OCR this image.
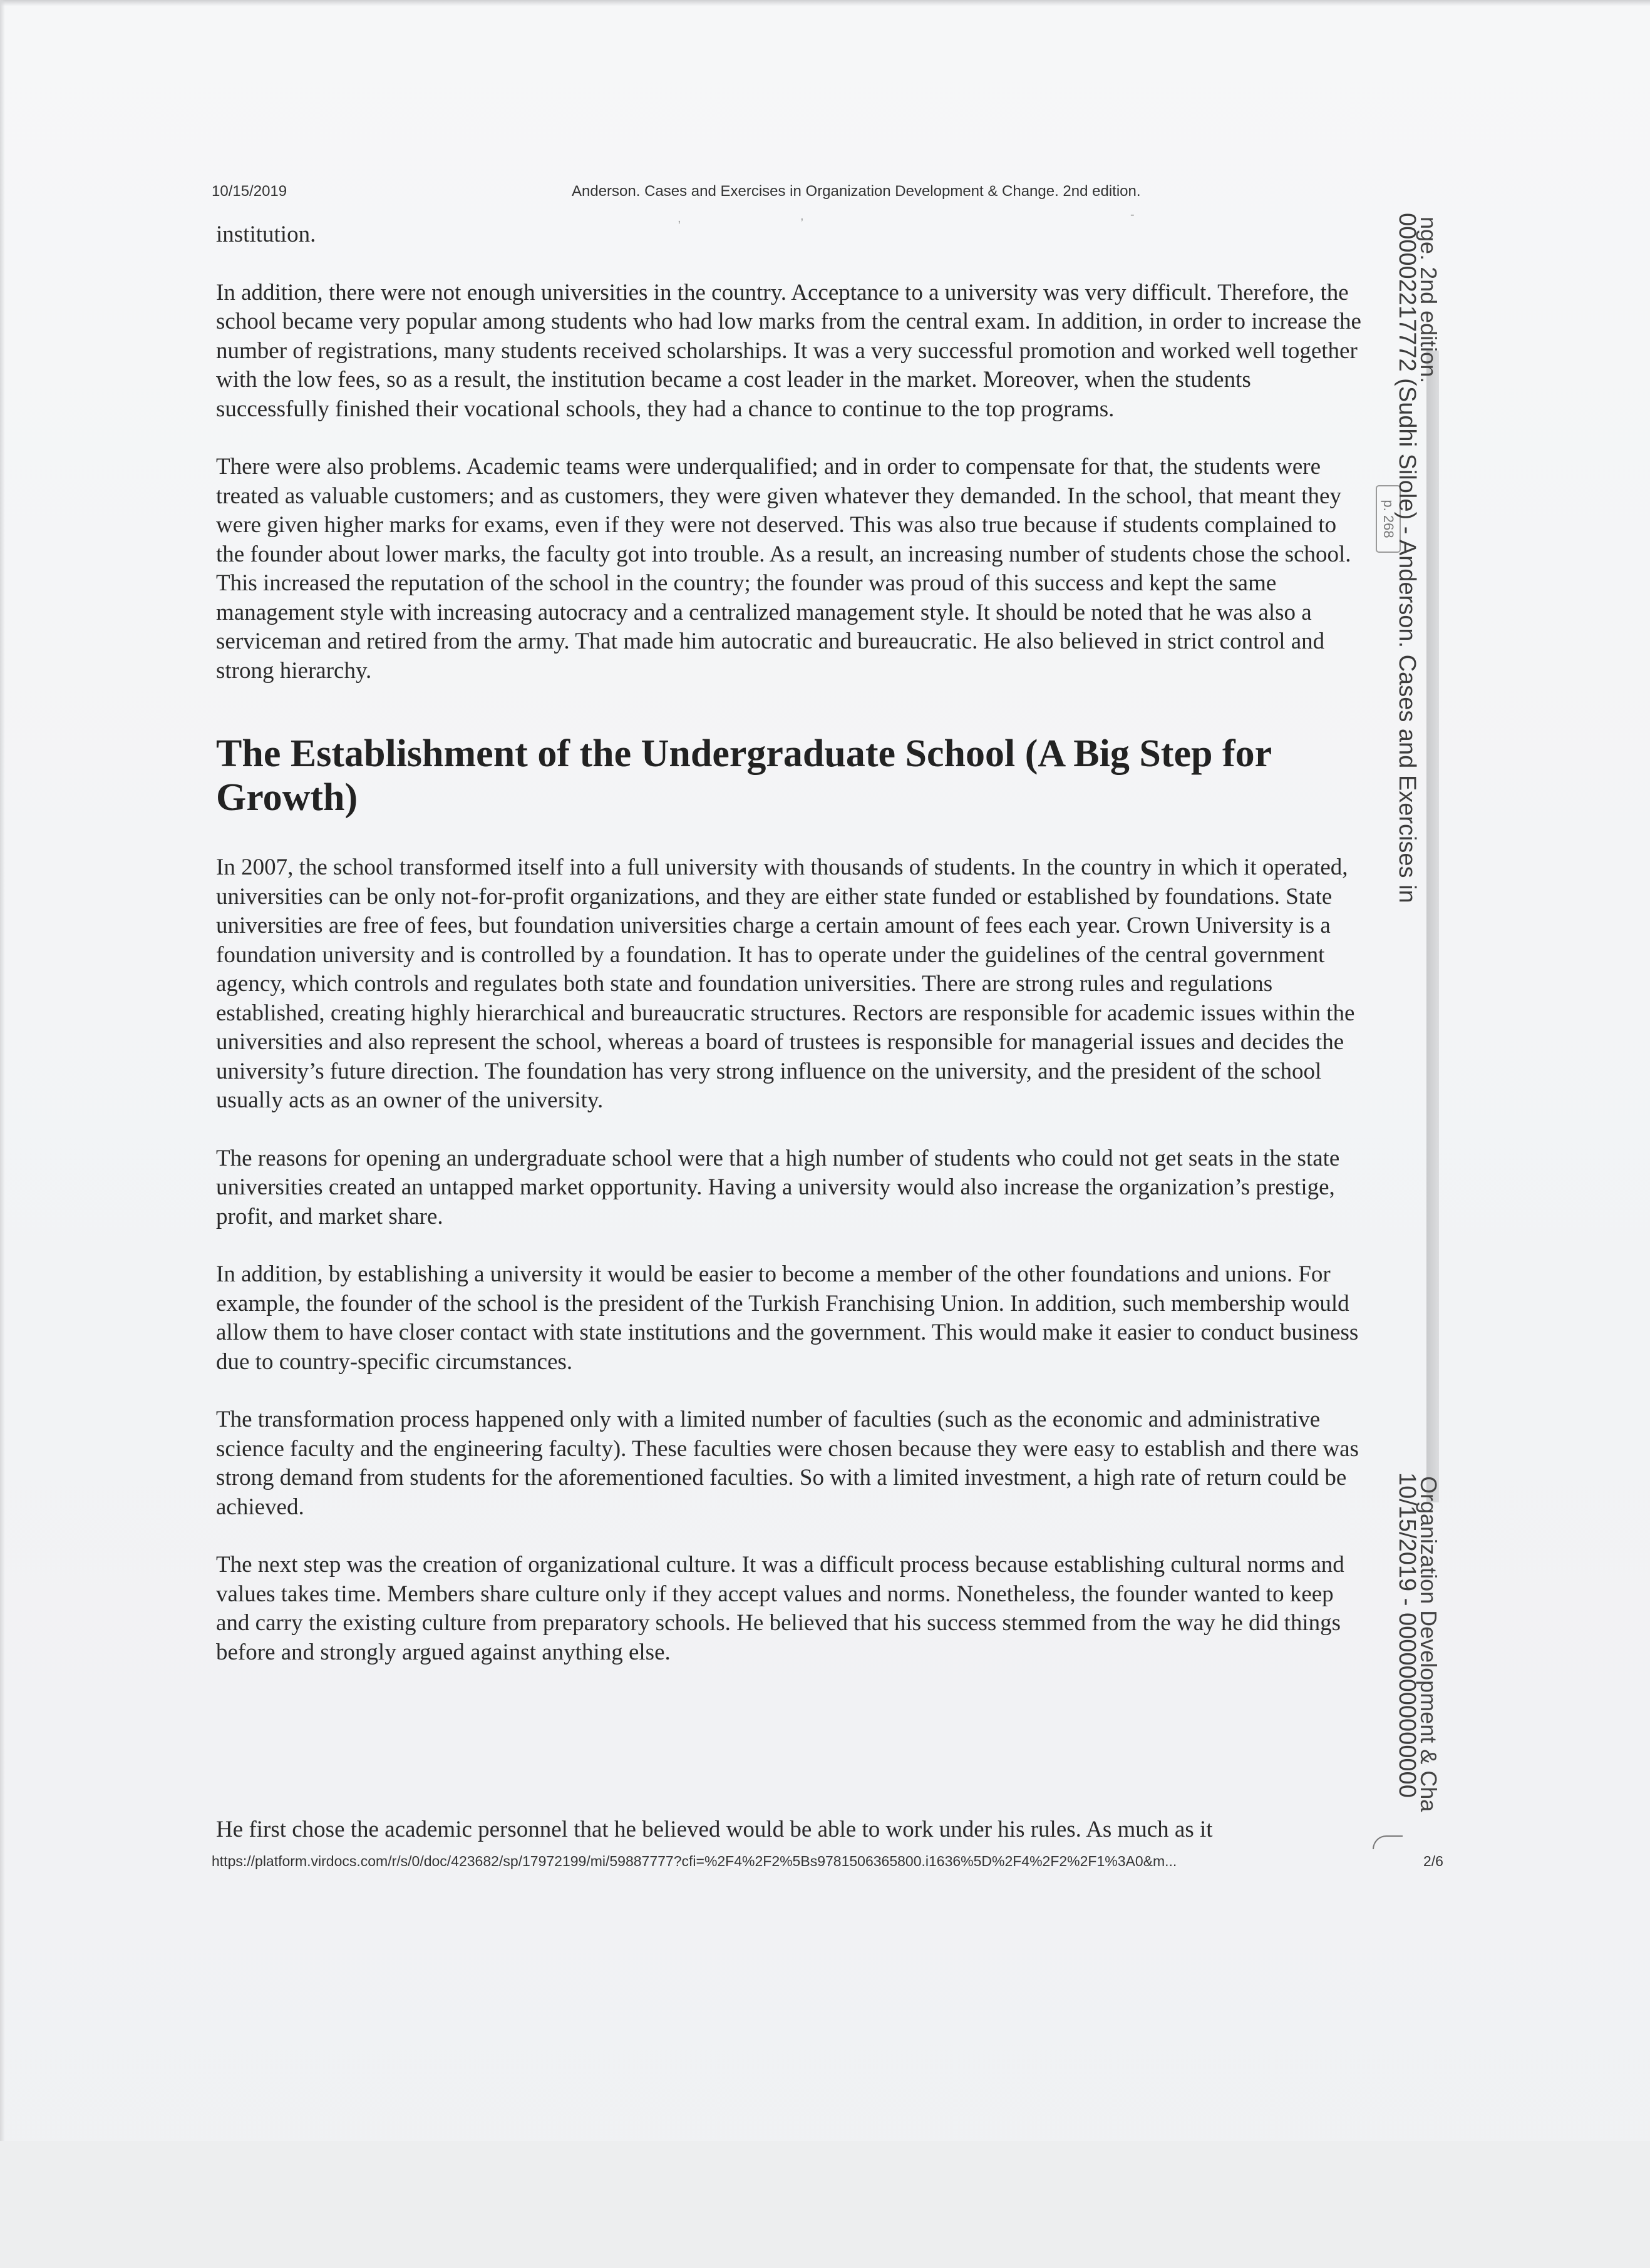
10/15/2019	Anderson. Cases and Exercises in Organization Development & Change. 2nd edition.
,	,	-

institution.

In addition, there were not enough universities in the country. Acceptance to a university was very difficult. Therefore, the school became very popular among students who had low marks from the central exam. In addition, in order to increase the number of registrations, many students received scholarships. It was a very successful promotion and worked well together with the low fees, so as a result, the institution became a cost leader in the market. Moreover, when the students successfully finished their vocational schools, they had a chance to continue to the top programs.

There were also problems. Academic teams were underqualified; and in order to compensate for that, the students were treated as valuable customers; and as customers, they were given whatever they demanded. In the school, that meant they were given higher marks for exams, even if they were not deserved. This was also true because if students complained to the founder about lower marks, the faculty got into trouble. As a result, an increasing number of students chose the school. This increased the reputation of the school in the country; the founder was proud of this success and kept the same management style with increasing autocracy and a centralized management style. It should be noted that he was also a serviceman and retired from the army. That made him autocratic and bureaucratic. He also believed in strict control and strong hierarchy.

The Establishment of the Undergraduate School (A Big Step for Growth)

In 2007, the school transformed itself into a full university with thousands of students. In the country in which it operated, universities can be only not-for-profit organizations, and they are either state funded or established by foundations. State universities are free of fees, but foundation universities charge a certain amount of fees each year. Crown University is a foundation university and is controlled by a foundation. It has to operate under the guidelines of the central government agency, which controls and regulates both state and foundation universities. There are strong rules and regulations established, creating highly hierarchical and bureaucratic structures. Rectors are responsible for academic issues within the universities and also represent the school, whereas a board of trustees is responsible for managerial issues and decides the university’s future direction. The foundation has very strong influence on the university, and the president of the school usually acts as an owner of the university.

The reasons for opening an undergraduate school were that a high number of students who could not get seats in the state universities created an untapped market opportunity. Having a university would also increase the organization’s prestige, profit, and market share.

In addition, by establishing a university it would be easier to become a member of the other foundations and unions. For example, the founder of the school is the president of the Turkish Franchising Union. In addition, such membership would allow them to have closer contact with state institutions and the government. This would make it easier to conduct business due to country-specific circumstances.

The transformation process happened only with a limited number of faculties (such as the economic and administrative science faculty and the engineering faculty). These faculties were chosen because they were easy to establish and there was strong demand from students for the aforementioned faculties. So with a limited investment, a high rate of return could be achieved.

The next step was the creation of organizational culture. It was a difficult process because establishing cultural norms and values takes time. Members share culture only if they accept values and norms. Nonetheless, the founder wanted to keep and carry the existing culture from preparatory schools. He believed that his success stemmed from the way he did things before and strongly argued against anything else.

He first chose the academic personnel that he believed would be able to work under his rules. As much as it

p. 268
000002217772 (Sudhi Silole) - Anderson. Cases and Exercises in
nge. 2nd edition.
10/15/2019 - 00000000000000
Organization Development & Cha
https://platform.virdocs.com/r/s/0/doc/423682/sp/17972199/mi/59887777?cfi=%2F4%2F2%5Bs9781506365800.i1636%5D%2F4%2F2%2F1%3A0&m...	2/6
